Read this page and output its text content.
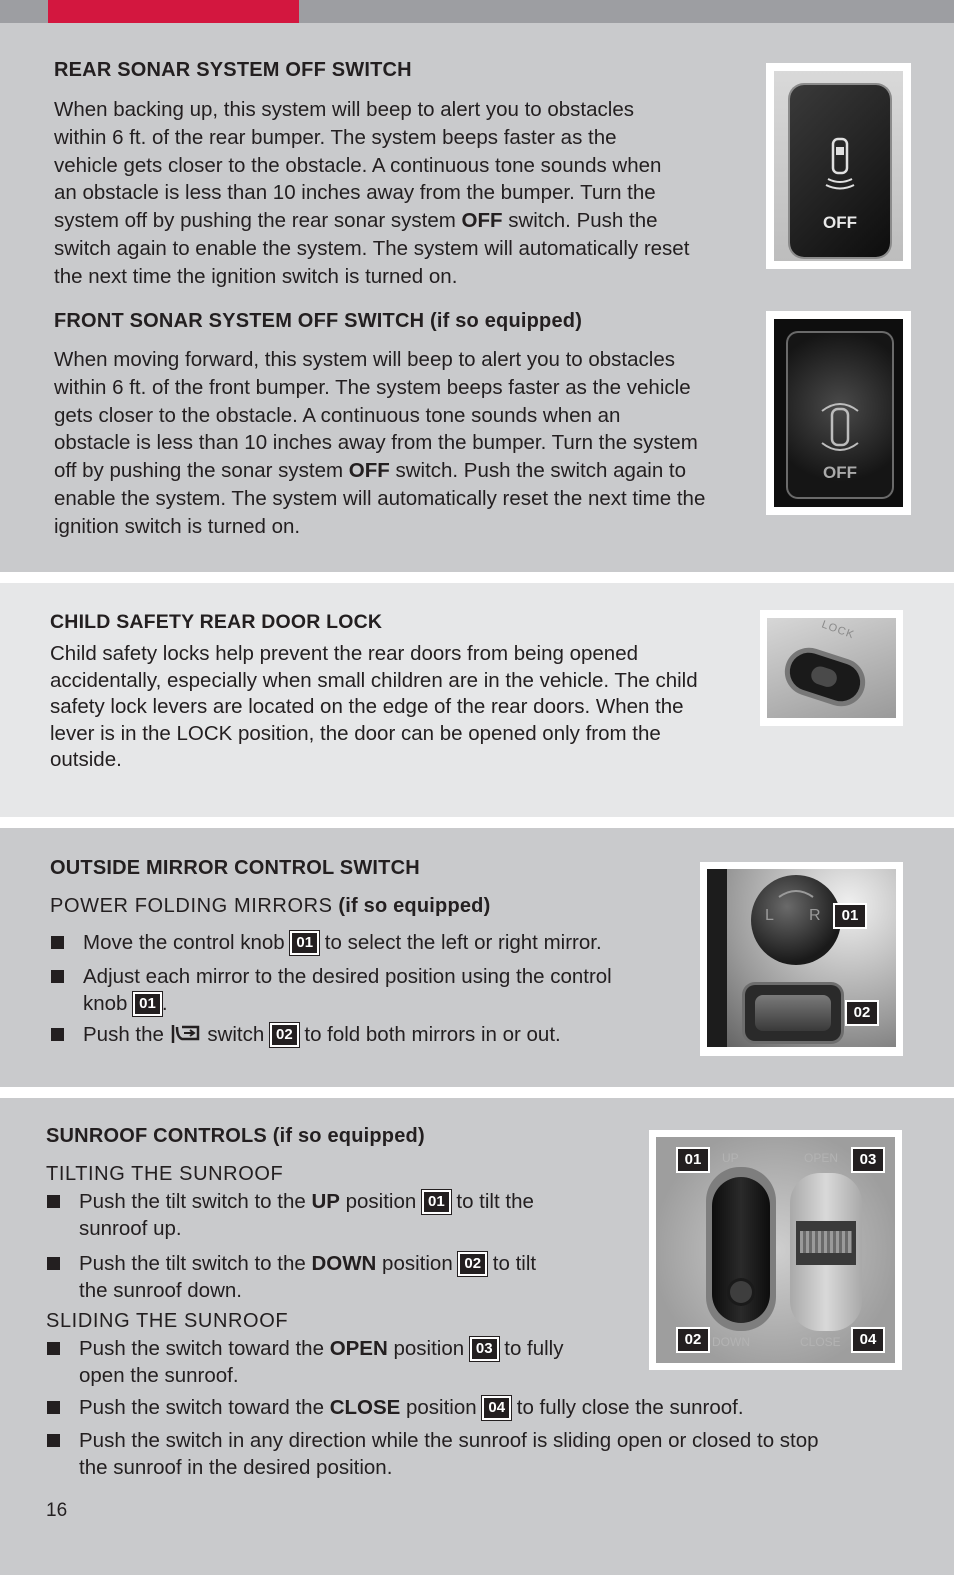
REAR SONAR SYSTEM OFF SWITCH
When backing up, this system will beep to alert you to obstacles
within 6 ft. of the rear bumper. The system beeps faster as the
vehicle gets closer to the obstacle. A continuous tone sounds when
an obstacle is less than 10 inches away from the bumper. Turn the
system off by pushing the rear sonar system OFF switch. Push the
switch again to enable the system. The system will automatically reset
the next time the ignition switch is turned on.
OFF
FRONT SONAR SYSTEM OFF SWITCH (if so equipped)
When moving forward, this system will beep to alert you to obstacles
within 6 ft. of the front bumper. The system beeps faster as the vehicle
gets closer to the obstacle. A continuous tone sounds when an
obstacle is less than 10 inches away from the bumper. Turn the system
off by pushing the sonar system OFF switch. Push the switch again to
enable the system. The system will automatically reset the next time the
ignition switch is turned on.
OFF
CHILD SAFETY REAR DOOR LOCK
Child safety locks help prevent the rear doors from being opened
accidentally, especially when small children are in the vehicle. The child
safety lock levers are located on the edge of the rear doors. When the
lever is in the LOCK position, the door can be opened only from the
outside.
LOCK
OUTSIDE MIRROR CONTROL SWITCH
POWER FOLDING MIRRORS (if so equipped)
Move the control knob 01 to select the left or right mirror.
Adjust each mirror to the desired position using the control
knob 01 .
Push the  switch 02 to fold both mirrors in or out.
L R	01
02
SUNROOF CONTROLS (if so equipped)
TILTING THE SUNROOF
Push the tilt switch to the UP position 01 to tilt the
sunroof up.
Push the tilt switch to the DOWN position 02 to tilt
the sunroof down.
SLIDING THE SUNROOF
Push the switch toward the OPEN position 03 to fully
open the sunroof.
Push the switch toward the CLOSE position 04 to fully close the sunroof.
Push the switch in any direction while the sunroof is sliding open or closed to stop
the sunroof in the desired position.
UP
DOWN
OPEN
CLOSE
01
02
03
04
16
